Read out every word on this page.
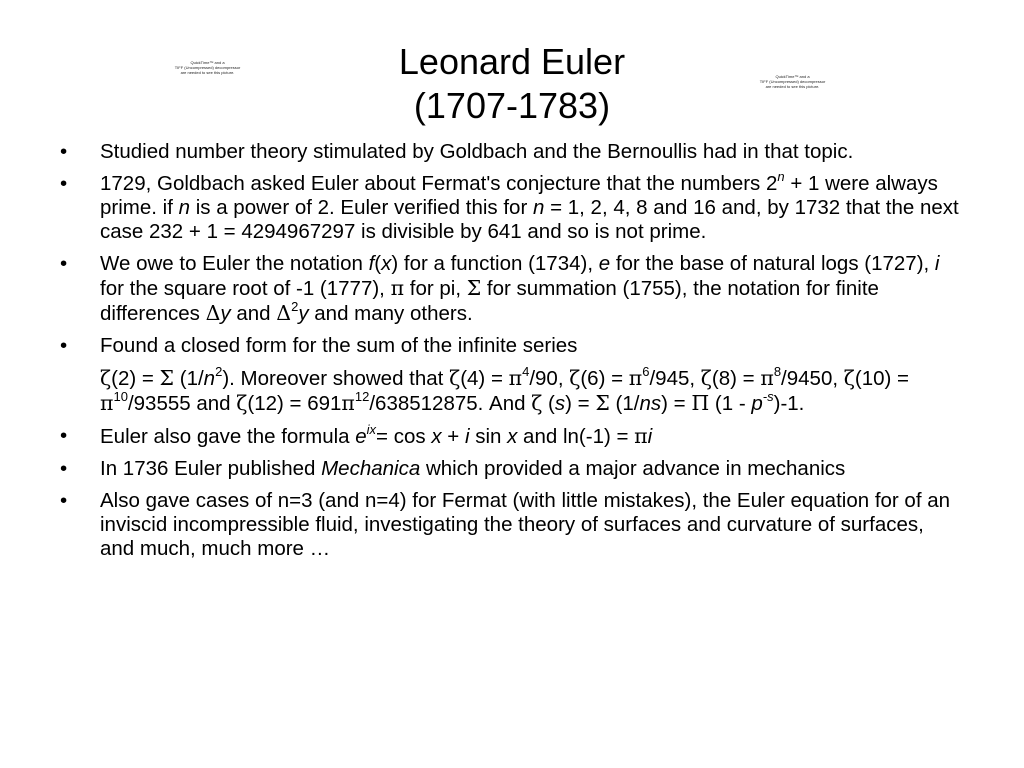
QuickTime™ and a
TIFF (Uncompressed) decompressor
are needed to see this picture.
QuickTime™ and a
TIFF (Uncompressed) decompressor
are needed to see this picture.
Leonard Euler
(1707-1783)
• Studied number theory stimulated by Goldbach and the Bernoullis had in that topic.
• 1729, Goldbach asked Euler about Fermat's conjecture that the numbers $2^n + 1$ were always prime. if n is a power of 2. Euler verified this for n = 1, 2, 4, 8 and 16 and, by 1732 that the next case 232 + 1 = 4294967297 is divisible by 641 and so is not prime.
• We owe to Euler the notation f(x) for a function (1734), e for the base of natural logs (1727), i for the square root of -1 (1777), π for pi, Σ for summation (1755), the notation for finite differences Δy and $\Delta^2y$ and many others.
• Found a closed form for the sum of the infinite series
ζ(2) = Σ $(1/n^2)$. Moreover showed that $\zeta(4) = \pi^4/90$, $\zeta(6) = \pi^6/945$, $\zeta(8) = \pi^8/9450$, $\zeta(10) = \pi^{10}/93555$ and $\zeta(12) = 691\pi^{12}/638512875$. And ζ (s) = Σ (1/ns) = Π $(1 - p^{-s})-1$.
• Euler also gave the formula $e^{ix}= \cos x + i$ sin x and ln(-1) = πi
• In 1736 Euler published Mechanica which provided a major advance in mechanics
• Also gave cases of n=3 (and n=4) for Fermat (with little mistakes), the Euler equation for of an inviscid incompressible fluid, investigating the theory of surfaces and curvature of surfaces, and much, much more …
